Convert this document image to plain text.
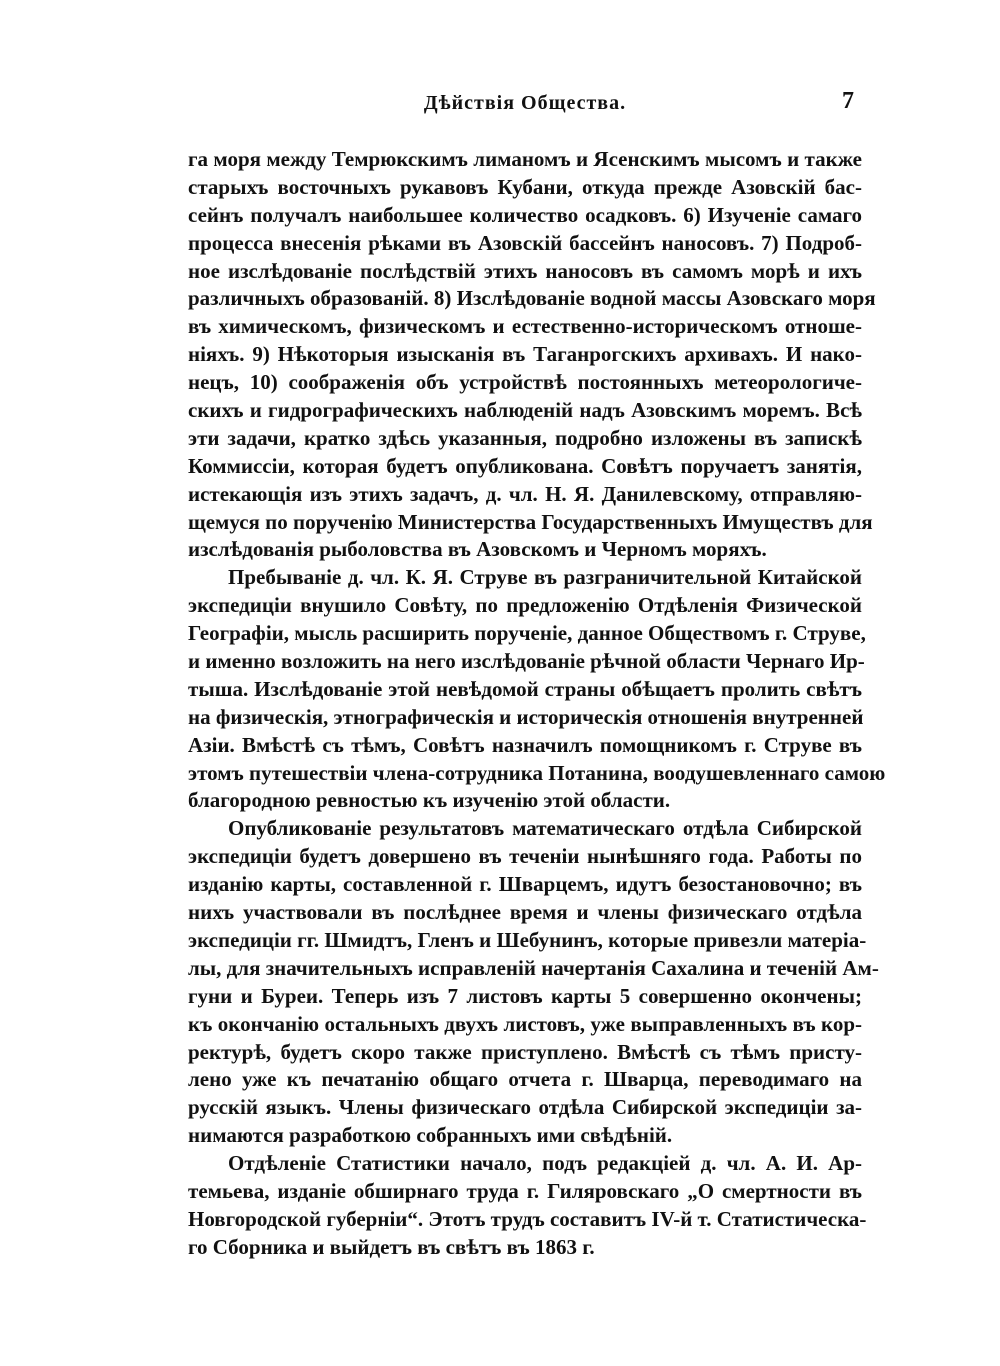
Дѣйствія Общества.	7
га моря между Темрюкскимъ лиманомъ и Ясенскимъ мысомъ и также
старыхъ восточныхъ рукавовъ Кубани, откуда прежде Азовскій бас-
сейнъ получалъ наибольшее количество осадковъ. 6) Изученіе самаго
процесса внесенія рѣками въ Азовскій бассейнъ наносовъ. 7) Подроб-
ное изслѣдованіе послѣдствій этихъ наносовъ въ самомъ морѣ и ихъ
различныхъ образованій. 8) Изслѣдованіе водной массы Азовскаго моря
въ химическомъ, физическомъ и естественно-историческомъ отноше-
ніяхъ. 9) Нѣкоторыя изысканія въ Таганрогскихъ архивахъ. И нако-
нецъ, 10) соображенія объ устройствѣ постоянныхъ метеорологиче-
скихъ и гидрографическихъ наблюденій надъ Азовскимъ моремъ. Всѣ
эти задачи, кратко здѣсь указанныя, подробно изложены въ запискѣ
Коммиссіи, которая будетъ опубликована. Совѣтъ поручаетъ занятія,
истекающія изъ этихъ задачъ, д. чл. Н. Я. Данилевскому, отправляю-
щемуся по порученію Министерства Государственныхъ Имуществъ для
изслѣдованія рыболовства въ Азовскомъ и Черномъ моряхъ.
Пребываніе д. чл. К. Я. Струве въ разграничительной Китайской
экспедиціи внушило Совѣту, по предложенію Отдѣленія Физической
Географіи, мысль расширить порученіе, данное Обществомъ г. Струве,
и именно возложить на него изслѣдованіе рѣчной области Чернаго Ир-
тыша. Изслѣдованіе этой невѣдомой страны обѣщаетъ пролить свѣтъ
на физическія, этнографическія и историческія отношенія внутренней
Азіи. Вмѣстѣ съ тѣмъ, Совѣтъ назначилъ помощникомъ г. Струве въ
этомъ путешествіи члена-сотрудника Потанина, воодушевленнаго самою
благородною ревностью къ изученію этой области.
Опубликованіе результатовъ математическаго отдѣла Сибирской
экспедиціи будетъ довершено въ теченіи нынѣшняго года. Работы по
изданію карты, составленной г. Шварцемъ, идутъ безостановочно; въ
нихъ участвовали въ послѣднее время и члены физическаго отдѣла
экспедиціи гг. Шмидтъ, Гленъ и Шебунинъ, которые привезли матеріа-
лы, для значительныхъ исправленій начертанія Сахалина и теченій Ам-
гуни и Буреи. Теперь изъ 7 листовъ карты 5 совершенно окончены;
къ окончанію остальныхъ двухъ листовъ, уже выправленныхъ въ кор-
ректурѣ, будетъ скоро также приступлено. Вмѣстѣ съ тѣмъ присту-
лено уже къ печатанію общаго отчета г. Шварца, переводимаго на
русскій языкъ. Члены физическаго отдѣла Сибирской экспедиціи за-
нимаются разработкою собранныхъ ими свѣдѣній.
Отдѣленіе Статистики начало, подъ редакціей д. чл. А. И. Ар-
темьева, изданіе обширнаго труда г. Гиляровскаго „О смертности въ
Новгородской губерніи“. Этотъ трудъ составитъ IV-й т. Статистическа-
го Сборника и выйдетъ въ свѣтъ въ 1863 г.
